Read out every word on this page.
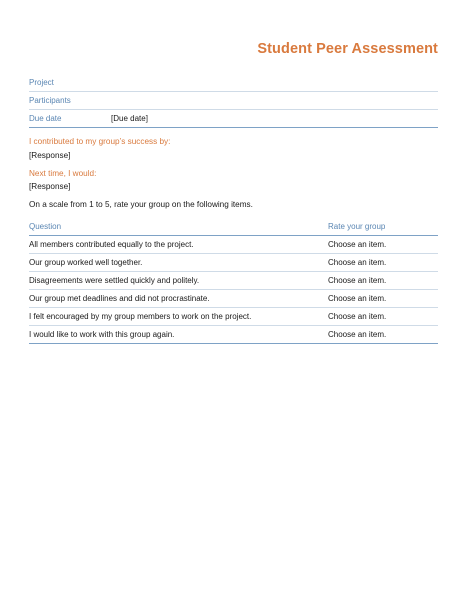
Student Peer Assessment
Project
Participants
Due date	[Due date]
I contributed to my group’s success by:
[Response]
Next time, I would:
[Response]
On a scale from 1 to 5, rate your group on the following items.
Question	Rate your group
All members contributed equally to the project.	Choose an item.
Our group worked well together.	Choose an item.
Disagreements were settled quickly and politely.	Choose an item.
Our group met deadlines and did not procrastinate.	Choose an item.
I felt encouraged by my group members to work on the project.	Choose an item.
I would like to work with this group again.	Choose an item.
